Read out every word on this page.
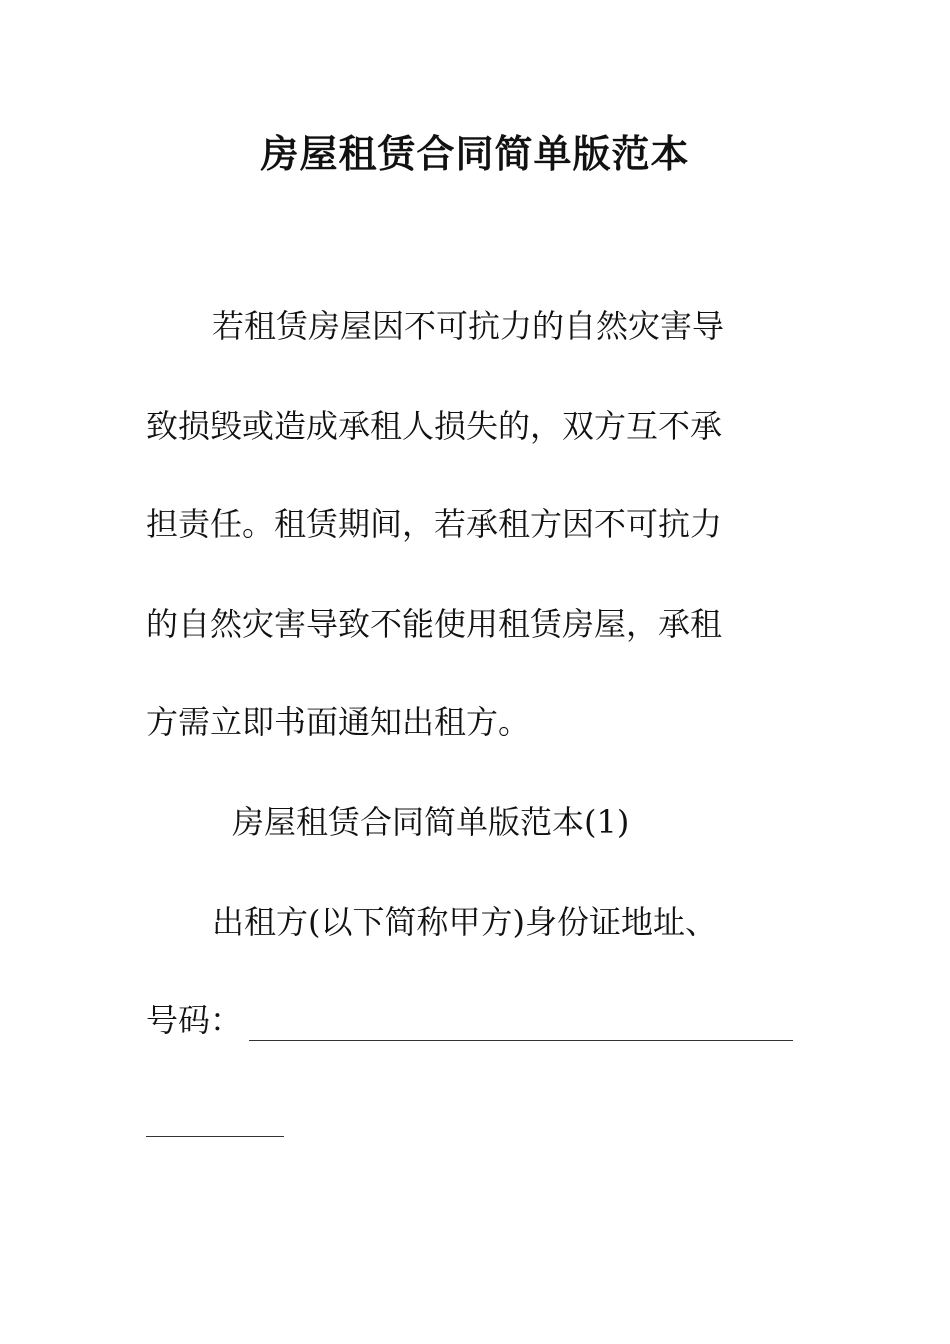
房屋租赁合同简单版范本
若租赁房屋因不可抗力的自然灾害导
致损毁或造成承租人损失的，双方互不承
担责任。租赁期间，若承租方因不可抗力
的自然灾害导致不能使用租赁房屋，承租
方需立即书面通知出租方。
房屋租赁合同简单版范本(1)
出租方(以下简称甲方)身份证地址、
号码：
